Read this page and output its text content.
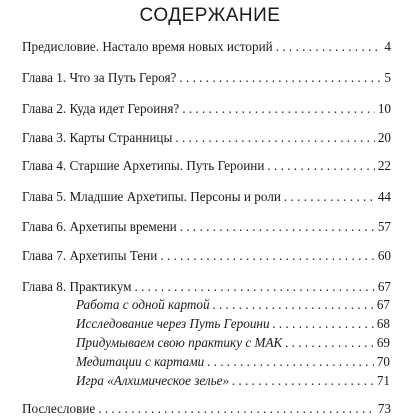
СОДЕРЖАНИЕ
Предисловие. Настало время новых историй . . .	4
Глава 1. Что за Путь Героя? . . .	5
Глава 2. Куда идет Героиня? . . .	10
Глава 3. Карты Странницы . . .	20
Глава 4. Старшие Архетипы. Путь Героини . . .	22
Глава 5. Младшие Архетипы. Персоны и роли . . .	44
Глава 6. Архетипы времени . . .	57
Глава 7. Архетипы Тени . . .	60
Глава 8. Практикум . . .	67
Работа с одной картой . . .	67
Исследование через Путь Героини . . .	68
Придумываем свою практику с МАК . . .	69
Медитации с картами . . .	70
Игра «Алхимическое зелье» . . .	71
Послесловие . . .	73
